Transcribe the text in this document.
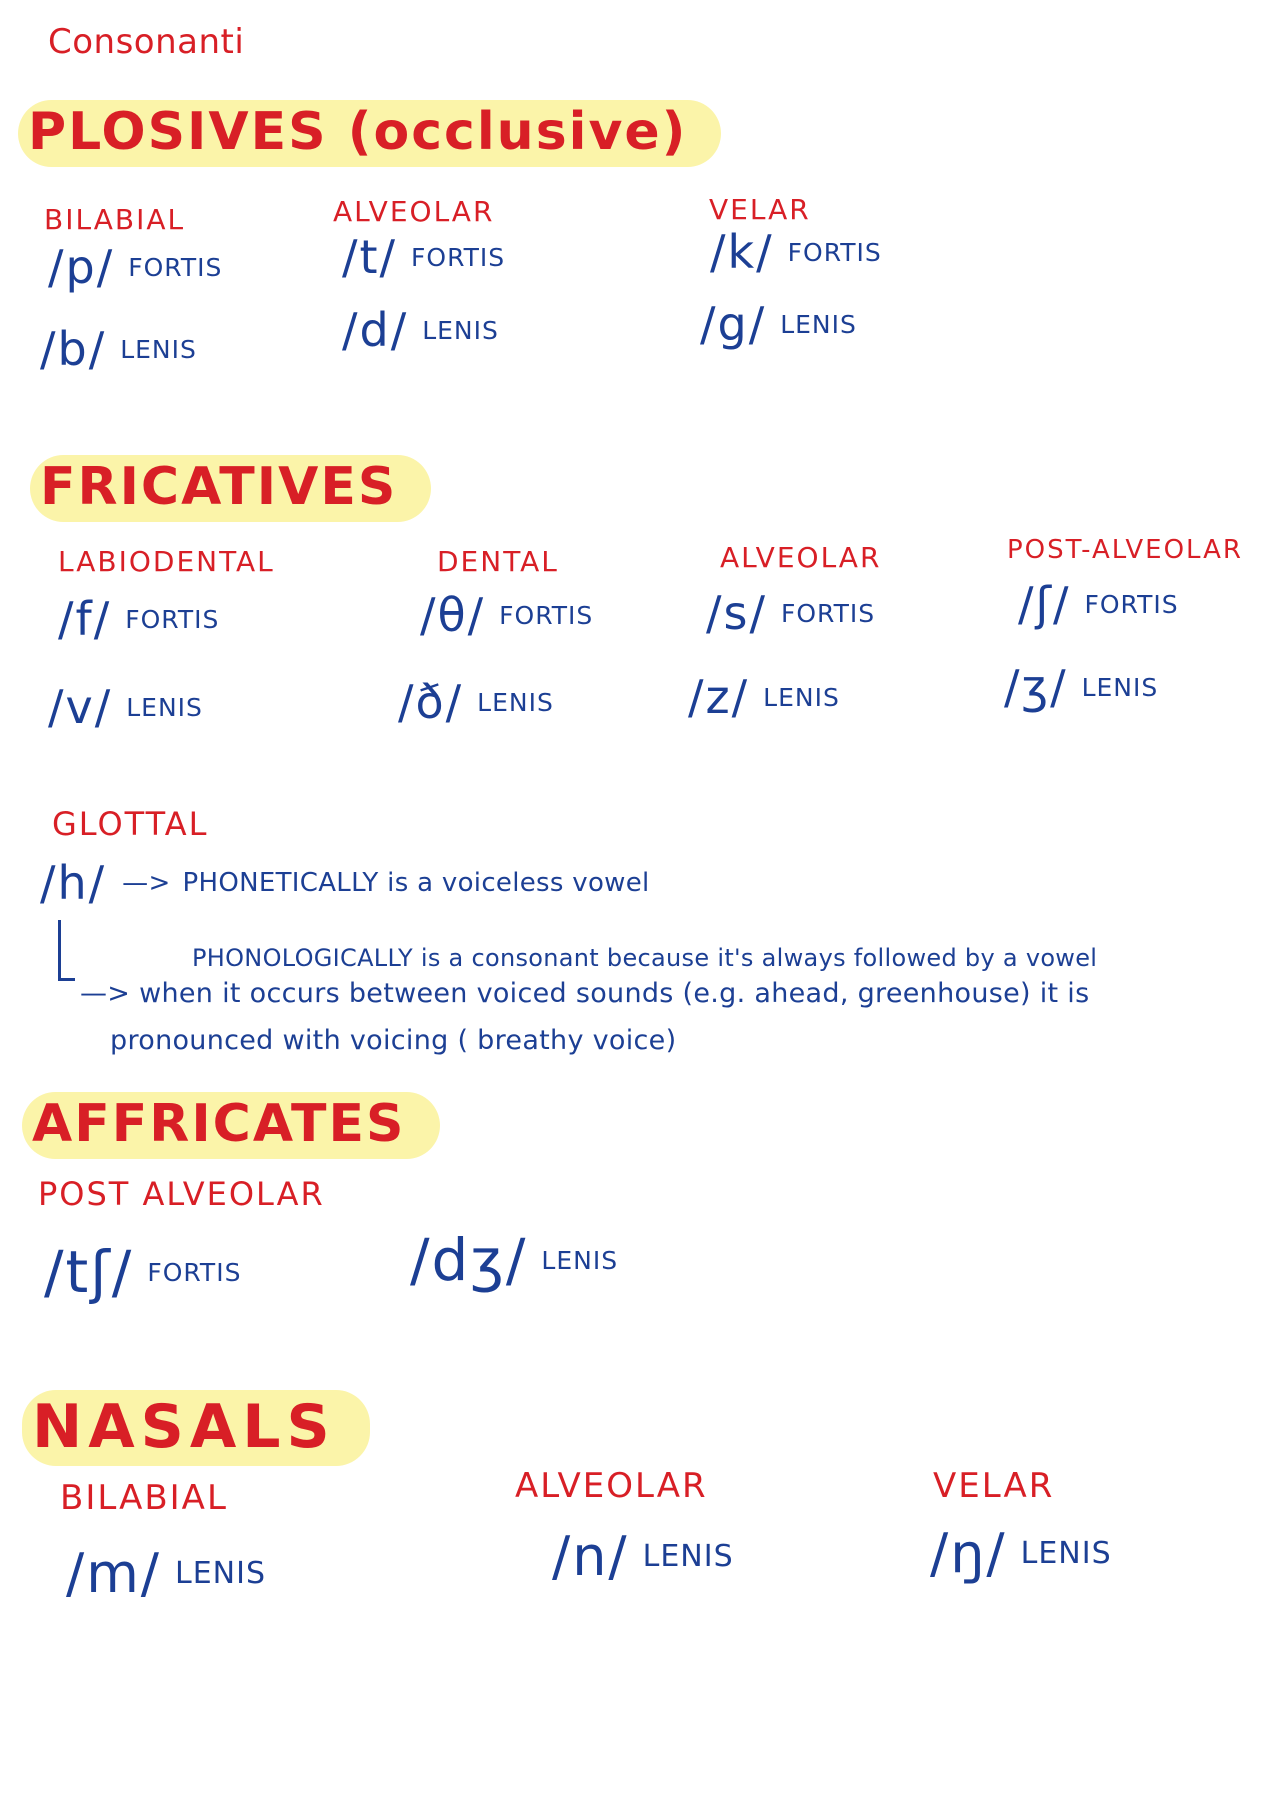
Consonanti
PLOSIVES (occlusive)
BILABIAL
/p/ FORTIS
/b/ LENIS
ALVEOLAR
/t/ FORTIS
/d/ LENIS
VELAR
/k/ FORTIS
/g/ LENIS
FRICATIVES
LABIODENTAL
/f/ FORTIS
/v/ LENIS
DENTAL
/θ/ FORTIS
/ð/ LENIS
ALVEOLAR
/s/ FORTIS
/z/ LENIS
POST-ALVEOLAR
/ʃ/ FORTIS
/ʒ/ LENIS
GLOTTAL
/h/ —> PHONETICALLY is a voiceless vowel
PHONOLOGICALLY is a consonant because it's always followed by a vowel
—> when it occurs between voiced sounds (e.g. ahead, greenhouse) it is
pronounced with voicing ( breathy voice)
AFFRICATES
POST ALVEOLAR
/tʃ/ FORTIS	/dʒ/ LENIS
NASALS
BILABIAL
/m/ LENIS
ALVEOLAR
/n/ LENIS
VELAR
/ŋ/ LENIS
